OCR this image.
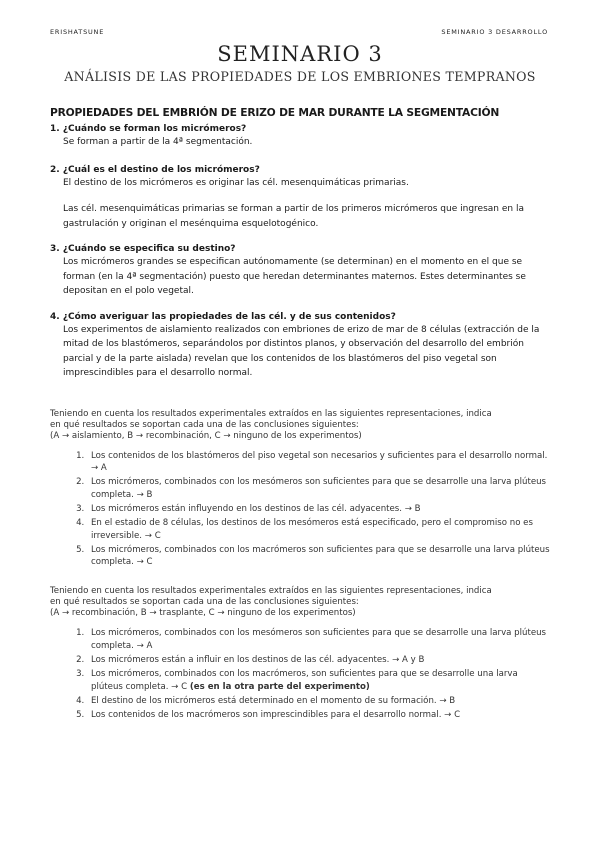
ERISHATSUNE	SEMINARIO 3 DESARROLLO
SEMINARIO 3
ANÁLISIS DE LAS PROPIEDADES DE LOS EMBRIONES TEMPRANOS

PROPIEDADES DEL EMBRIÓN DE ERIZO DE MAR DURANTE LA SEGMENTACIÓN

1. ¿Cuándo se forman los micrómeros?

Se forman a partir de la 4ª segmentación.

2. ¿Cuál es el destino de los micrómeros?

El destino de los micrómeros es originar las cél. mesenquimáticas primarias.

Las cél. mesenquimáticas primarias se forman a partir de los primeros micrómeros que ingresan en la gastrulación y originan el mesénquima esquelotogénico.

3. ¿Cuándo se especifica su destino?

Los micrómeros grandes se especifican autónomamente (se determinan) en el momento en el que se forman (en la 4ª segmentación) puesto que heredan determinantes maternos. Estes determinantes se depositan en el polo vegetal.

4. ¿Cómo averiguar las propiedades de las cél. y de sus contenidos?

Los experimentos de aislamiento realizados con embriones de erizo de mar de 8 células (extracción de la mitad de los blastómeros, separándolos por distintos planos, y observación del desarrollo del embrión parcial y de la parte aislada) revelan que los contenidos de los blastómeros del piso vegetal son imprescindibles para el desarrollo normal.

Teniendo en cuenta los resultados experimentales extraídos en las siguientes representaciones, indica

en qué resultados se soportan cada una de las conclusiones siguientes:

(A → aislamiento, B → recombinación, C → ninguno de los experimentos)

1. Los contenidos de los blastómeros del piso vegetal son necesarios y suficientes para el desarrollo normal. → A
2. Los micrómeros, combinados con los mesómeros son suficientes para que se desarrolle una larva plúteus completa. → B
3. Los micrómeros están influyendo en los destinos de las cél. adyacentes. → B
4. En el estadio de 8 células, los destinos de los mesómeros está especificado, pero el compromiso no es irreversible. → C
5. Los micrómeros, combinados con los macrómeros son suficientes para que se desarrolle una larva plúteus completa. → C

Teniendo en cuenta los resultados experimentales extraídos en las siguientes representaciones, indica

en qué resultados se soportan cada una de las conclusiones siguientes:

(A → recombinación, B → trasplante, C → ninguno de los experimentos)

1. Los micrómeros, combinados con los mesómeros son suficientes para que se desarrolle una larva plúteus completa. → A
2. Los micrómeros están a influir en los destinos de las cél. adyacentes. → A y B
3. Los micrómeros, combinados con los macrómeros, son suficientes para que se desarrolle una larva plúteus completa. → C (es en la otra parte del experimento)
4. El destino de los micrómeros está determinado en el momento de su formación. → B
5. Los contenidos de los macrómeros son imprescindibles para el desarrollo normal. → C
